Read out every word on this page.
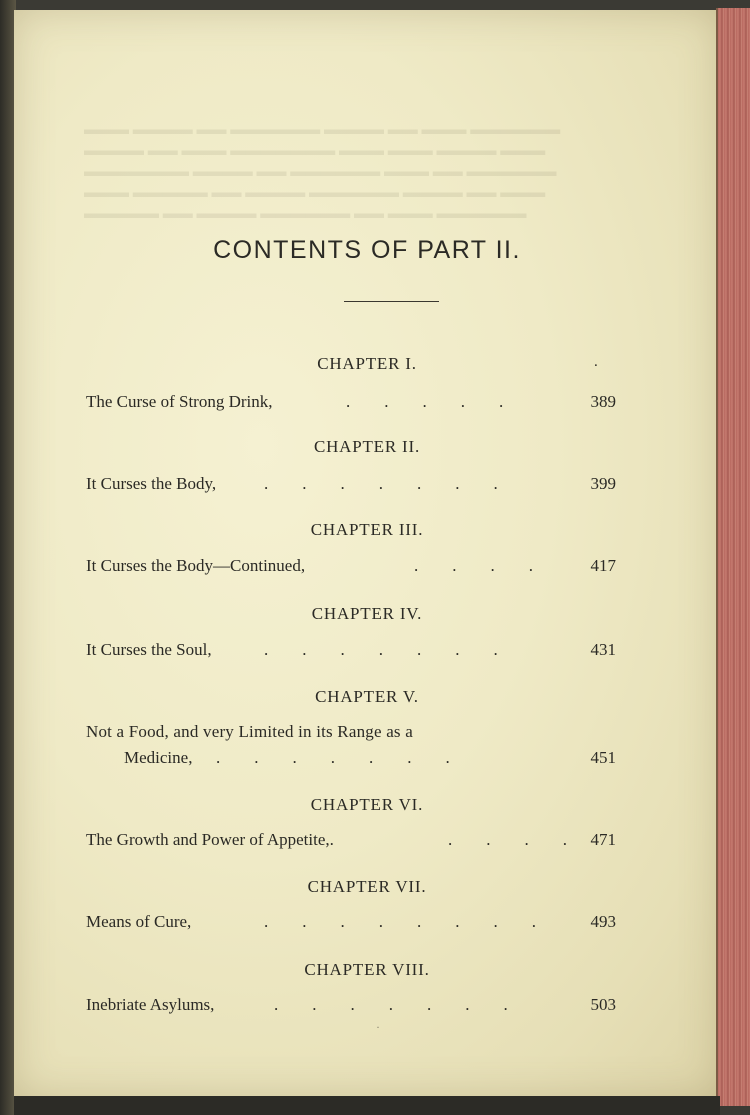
▬▬▬ ▬▬▬▬ ▬▬ ▬▬▬▬▬▬ ▬▬▬▬ ▬▬ ▬▬▬ ▬▬▬▬▬▬
▬▬▬▬ ▬▬ ▬▬▬ ▬▬▬▬▬▬▬ ▬▬▬ ▬▬▬ ▬▬▬▬ ▬▬▬
▬▬▬▬▬▬▬ ▬▬▬▬ ▬▬ ▬▬▬▬▬▬ ▬▬▬ ▬▬ ▬▬▬▬▬▬
▬▬▬ ▬▬▬▬▬ ▬▬ ▬▬▬▬ ▬▬▬▬▬▬ ▬▬▬▬ ▬▬ ▬▬▬
▬▬▬▬▬ ▬▬ ▬▬▬▬ ▬▬▬▬▬▬ ▬▬ ▬▬▬ ▬▬▬▬▬▬

CONTENTS OF PART II.
CHAPTER I.	.
The Curse of Strong Drink,	.        .        .        .        .	389
CHAPTER II.
It Curses the Body,	.        .        .        .        .        .        .	399
CHAPTER III.
It Curses the Body—Continued,	.        .        .        .	417
CHAPTER IV.
It Curses the Soul,	.        .        .        .        .        .        .	431
CHAPTER V.
Not a Food, and very Limited in its Range as a
Medicine, .        .        .        .        .        .        .	451
CHAPTER VI.
The Growth and Power of Appetite,.	.        .        .        . 471
CHAPTER VII.
Means of Cure,	.        .        .        .        .        .        .        .	493
CHAPTER VIII.
Inebriate Asylums,	.        .        .        .        .        .        .	503
·
